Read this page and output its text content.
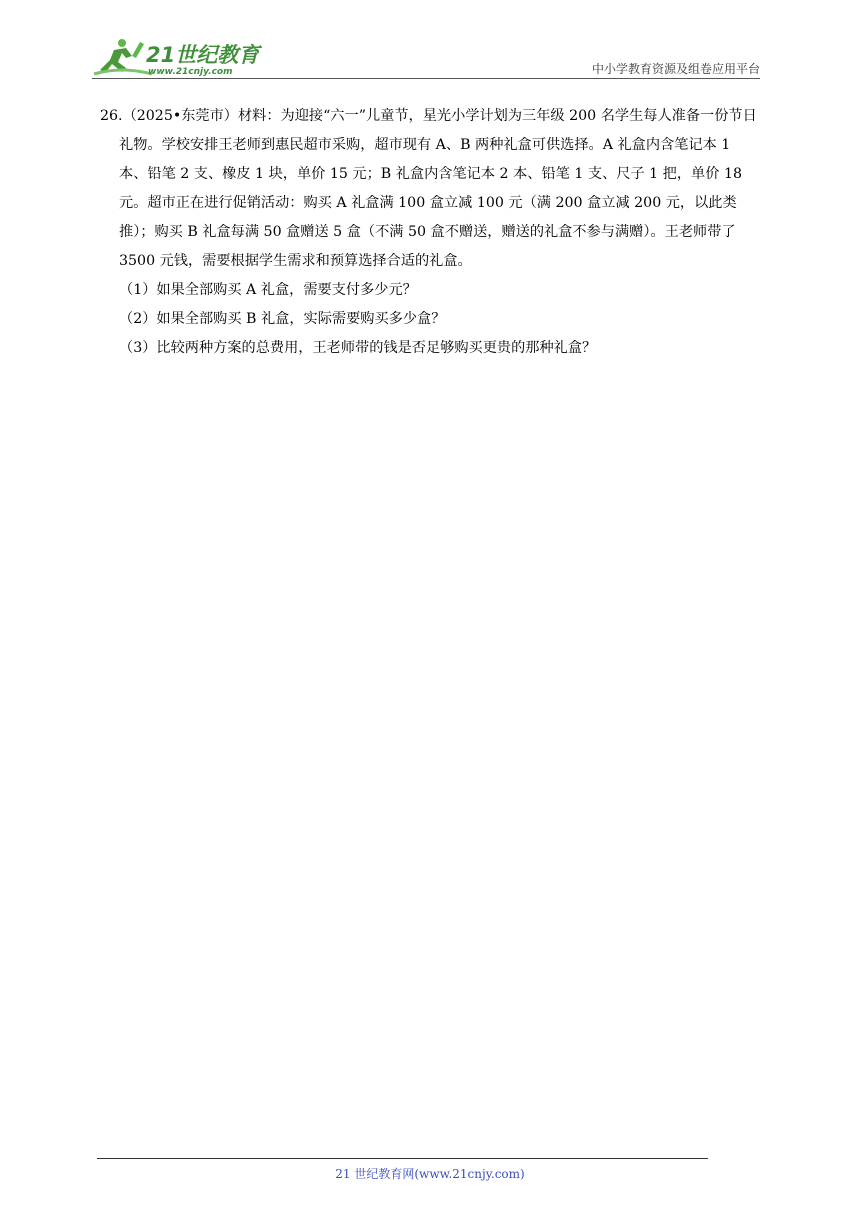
21世纪教育
www.21cnjy.com	中小学教育资源及组卷应用平台

26.（2025•东莞市）材料：为迎接“六一”儿童节，星光小学计划为三年级 200 名学生每人准备一份节日礼物。学校安排王老师到惠民超市采购，超市现有 A、B 两种礼盒可供选择。A 礼盒内含笔记本 1 本、铅笔 2 支、橡皮 1 块，单价 15 元；B 礼盒内含笔记本 2 本、铅笔 1 支、尺子 1 把，单价 18 元。超市正在进行促销活动：购买 A 礼盒满 100 盒立减 100 元（满 200 盒立减 200 元，以此类推）；购买 B 礼盒每满 50 盒赠送 5 盒（不满 50 盒不赠送，赠送的礼盒不参与满赠）。王老师带了 3500 元钱，需要根据学生需求和预算选择合适的礼盒。

（1）如果全部购买 A 礼盒，需要支付多少元？

（2）如果全部购买 B 礼盒，实际需要购买多少盒？

（3）比较两种方案的总费用，王老师带的钱是否足够购买更贵的那种礼盒？

21 世纪教育网(www.21cnjy.com)
